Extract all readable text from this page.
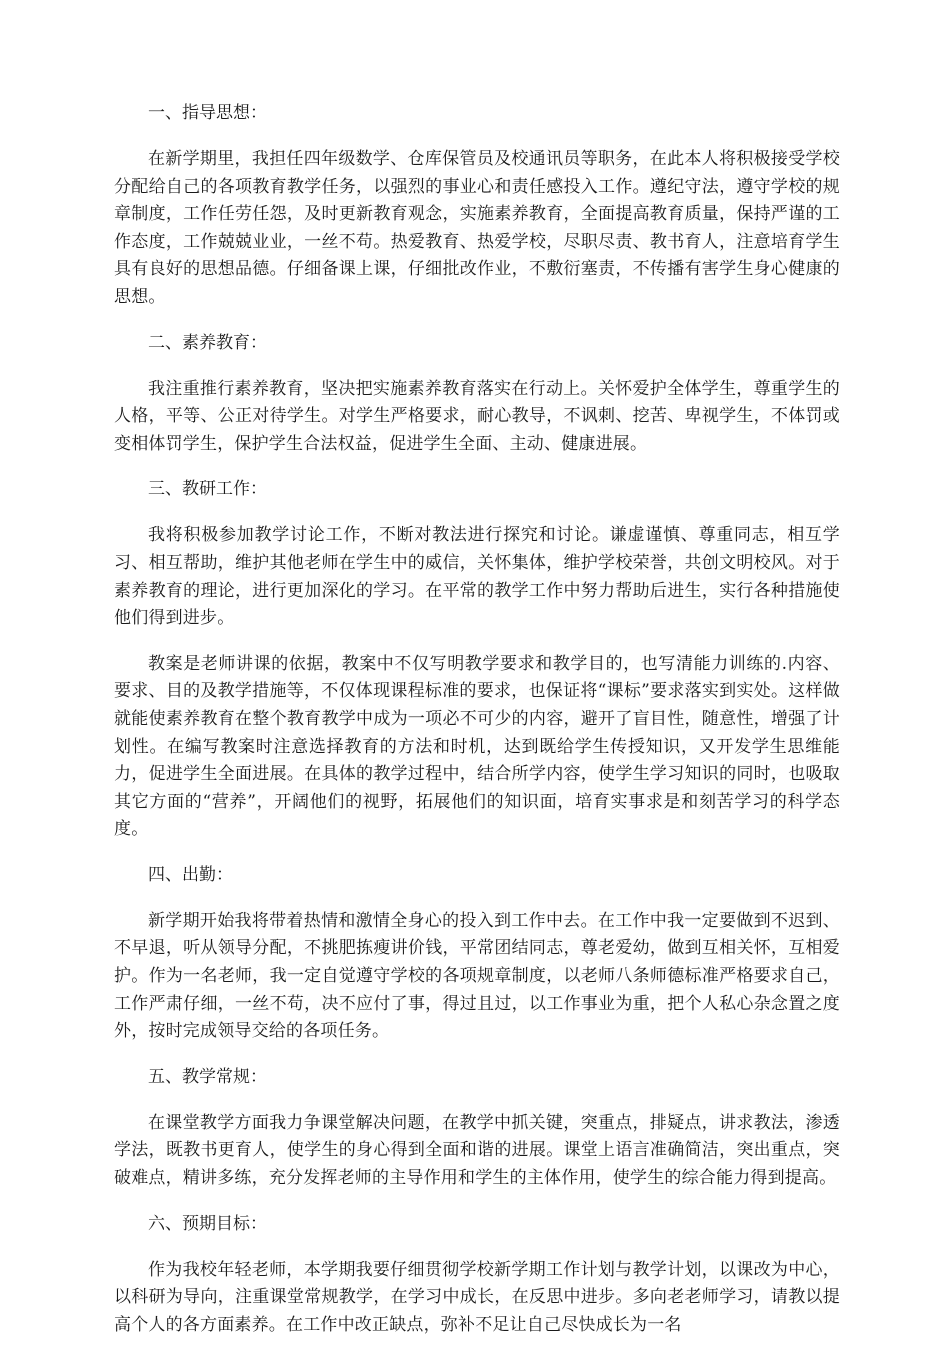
一、指导思想：

在新学期里，我担任四年级数学、仓库保管员及校通讯员等职务，在此本人将积极接受学校分配给自己的各项教育教学任务，以强烈的事业心和责任感投入工作。遵纪守法，遵守学校的规章制度，工作任劳任怨，及时更新教育观念，实施素养教育，全面提高教育质量，保持严谨的工作态度，工作兢兢业业，一丝不苟。热爱教育、热爱学校，尽职尽责、教书育人，注意培育学生具有良好的思想品德。仔细备课上课，仔细批改作业，不敷衍塞责，不传播有害学生身心健康的思想。

二、素养教育：

我注重推行素养教育，坚决把实施素养教育落实在行动上。关怀爱护全体学生，尊重学生的人格，平等、公正对待学生。对学生严格要求，耐心教导，不讽刺、挖苦、卑视学生，不体罚或变相体罚学生，保护学生合法权益，促进学生全面、主动、健康进展。

三、教研工作：

我将积极参加教学讨论工作，不断对教法进行探究和讨论。谦虚谨慎、尊重同志，相互学习、相互帮助，维护其他老师在学生中的威信，关怀集体，维护学校荣誉，共创文明校风。对于素养教育的理论，进行更加深化的学习。在平常的教学工作中努力帮助后进生，实行各种措施使他们得到进步。

教案是老师讲课的依据，教案中不仅写明教学要求和教学目的，也写清能力训练的.内容、要求、目的及教学措施等，不仅体现课程标准的要求，也保证将“课标”要求落实到实处。这样做就能使素养教育在整个教育教学中成为一项必不可少的内容，避开了盲目性，随意性，增强了计划性。在编写教案时注意选择教育的方法和时机，达到既给学生传授知识，又开发学生思维能力，促进学生全面进展。在具体的教学过程中，结合所学内容，使学生学习知识的同时，也吸取其它方面的“营养”，开阔他们的视野，拓展他们的知识面，培育实事求是和刻苦学习的科学态度。

四、出勤：

新学期开始我将带着热情和激情全身心的投入到工作中去。在工作中我一定要做到不迟到、不早退，听从领导分配，不挑肥拣瘦讲价钱，平常团结同志，尊老爱幼，做到互相关怀，互相爱护。作为一名老师，我一定自觉遵守学校的各项规章制度，以老师八条师德标准严格要求自己，工作严肃仔细，一丝不苟，决不应付了事，得过且过，以工作事业为重，把个人私心杂念置之度外，按时完成领导交给的各项任务。

五、教学常规：

在课堂教学方面我力争课堂解决问题，在教学中抓关键，突重点，排疑点，讲求教法，渗透学法，既教书更育人，使学生的身心得到全面和谐的进展。课堂上语言准确简洁，突出重点，突破难点，精讲多练，充分发挥老师的主导作用和学生的主体作用，使学生的综合能力得到提高。

六、预期目标：

作为我校年轻老师，本学期我要仔细贯彻学校新学期工作计划与教学计划，以课改为中心，以科研为导向，注重课堂常规教学，在学习中成长，在反思中进步。多向老老师学习，请教以提高个人的各方面素养。在工作中改正缺点，弥补不足让自己尽快成长为一名
